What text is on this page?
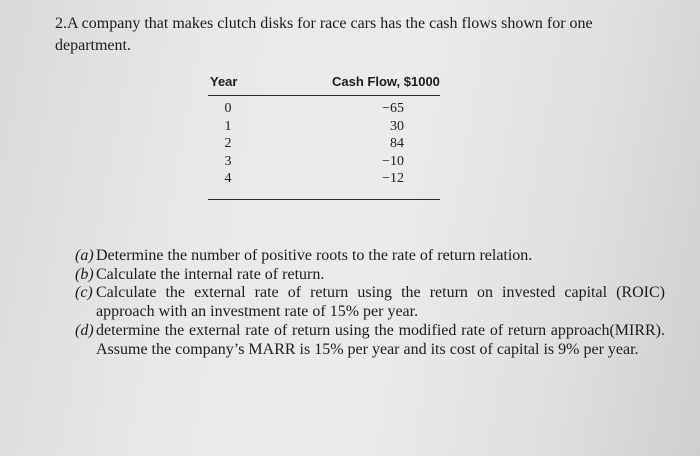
2.A company that makes clutch disks for race cars has the cash flows shown for one department.
Year	Cash Flow, $1000
0	−65
1	30
2	84
3	−10
4	−12
(a) Determine the number of positive roots to the rate of return relation.
(b) Calculate the internal rate of return.
(c) Calculate the external rate of return using the return on invested capital (ROIC) approach with an investment rate of 15% per year.
(d) determine the external rate of return using the modified rate of return approach(MIRR). Assume the company’s MARR is 15% per year and its cost of capital is 9% per year.
